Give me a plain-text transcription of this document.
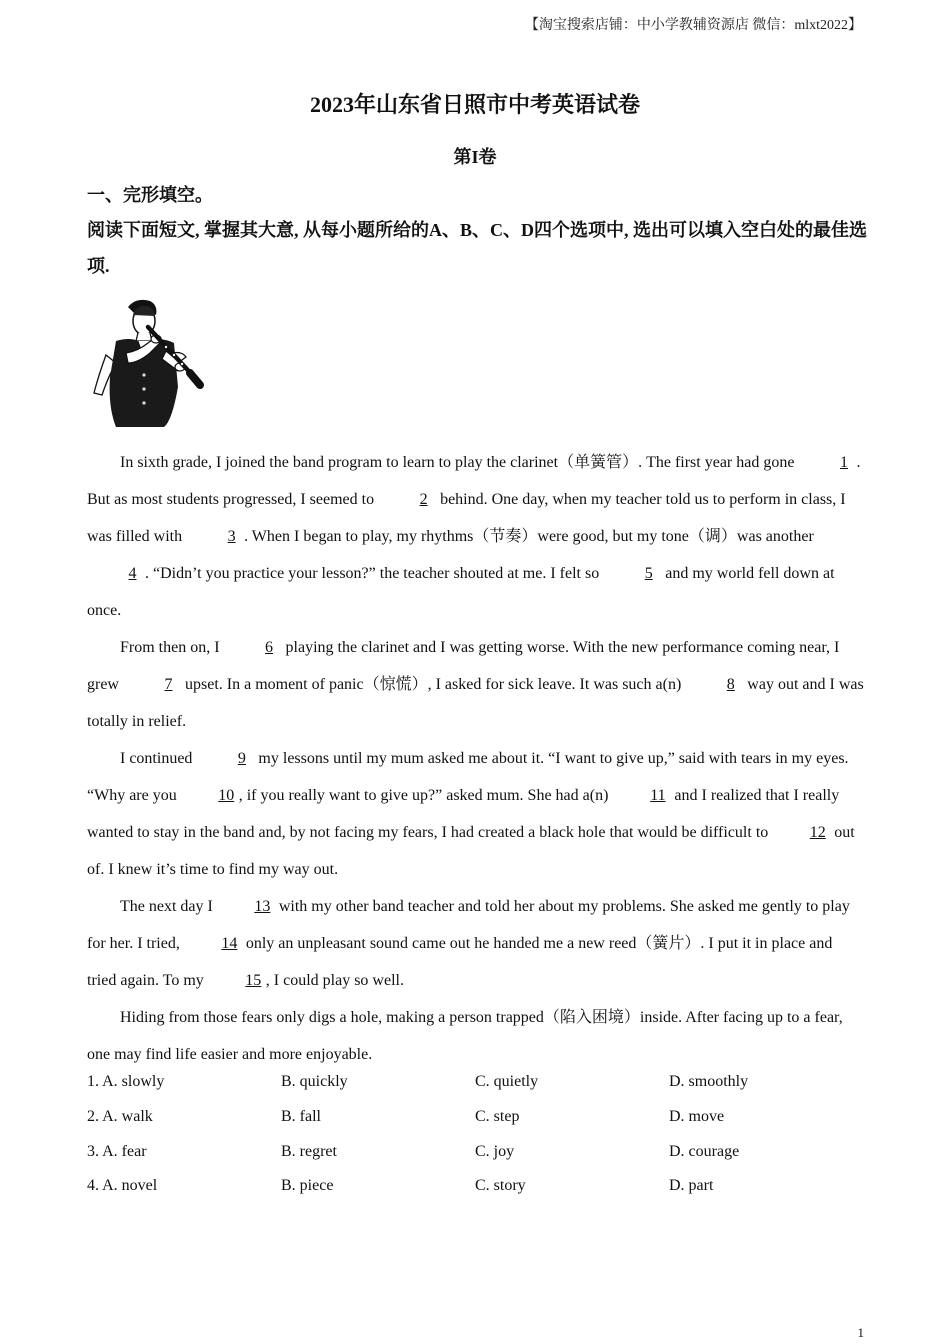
【淘宝搜索店铺：中小学教辅资源店 微信：mlxt2022】
2023年山东省日照市中考英语试卷
第I卷
一、完形填空。
阅读下面短文, 掌握其大意, 从每小题所给的A、B、C、D四个选项中, 选出可以填入空白处的最佳选项.

In sixth grade, I joined the band program to learn to play the clarinet（单簧管）. The first year had gone	1 . But as most students progressed, I seemed to	2 behind. One day, when my teacher told us to perform in class, I was filled with	3 . When I began to play, my rhythms（节奏）were good, but my tone（调）was another 4 . “Didn’t you practice your lesson?” the teacher shouted at me. I felt so	5 and my world fell down at once.

From then on, I	6 playing the clarinet and I was getting worse. With the new performance coming near, I grew	7 upset. In a moment of panic（惊慌）, I asked for sick leave. It was such a(n)	8 way out and I was totally in relief.

I continued	9 my lessons until my mum asked me about it. “I want to give up,” said with tears in my eyes. “Why are you 10 , if you really want to give up?” asked mum. She had a(n) 11 and I realized that I really wanted to stay in the band and, by not facing my fears, I had created a black hole that would be difficult to 12 out of. I knew it’s time to find my way out.

The next day I 13 with my other band teacher and told her about my problems. She asked me gently to play for her. I tried, 14 only an unpleasant sound came out he handed me a new reed（簧片）. I put it in place and tried again. To my 15 , I could play so well.

Hiding from those fears only digs a hole, making a person trapped（陷入困境）inside. After facing up to a fear, one may find life easier and more enjoyable.

1. A. slowly	B. quickly	C. quietly	D. smoothly
2. A. walk	B. fall	C. step	D. move
3. A. fear	B. regret	C. joy	D. courage
4. A. novel	B. piece	C. story	D. part
1
